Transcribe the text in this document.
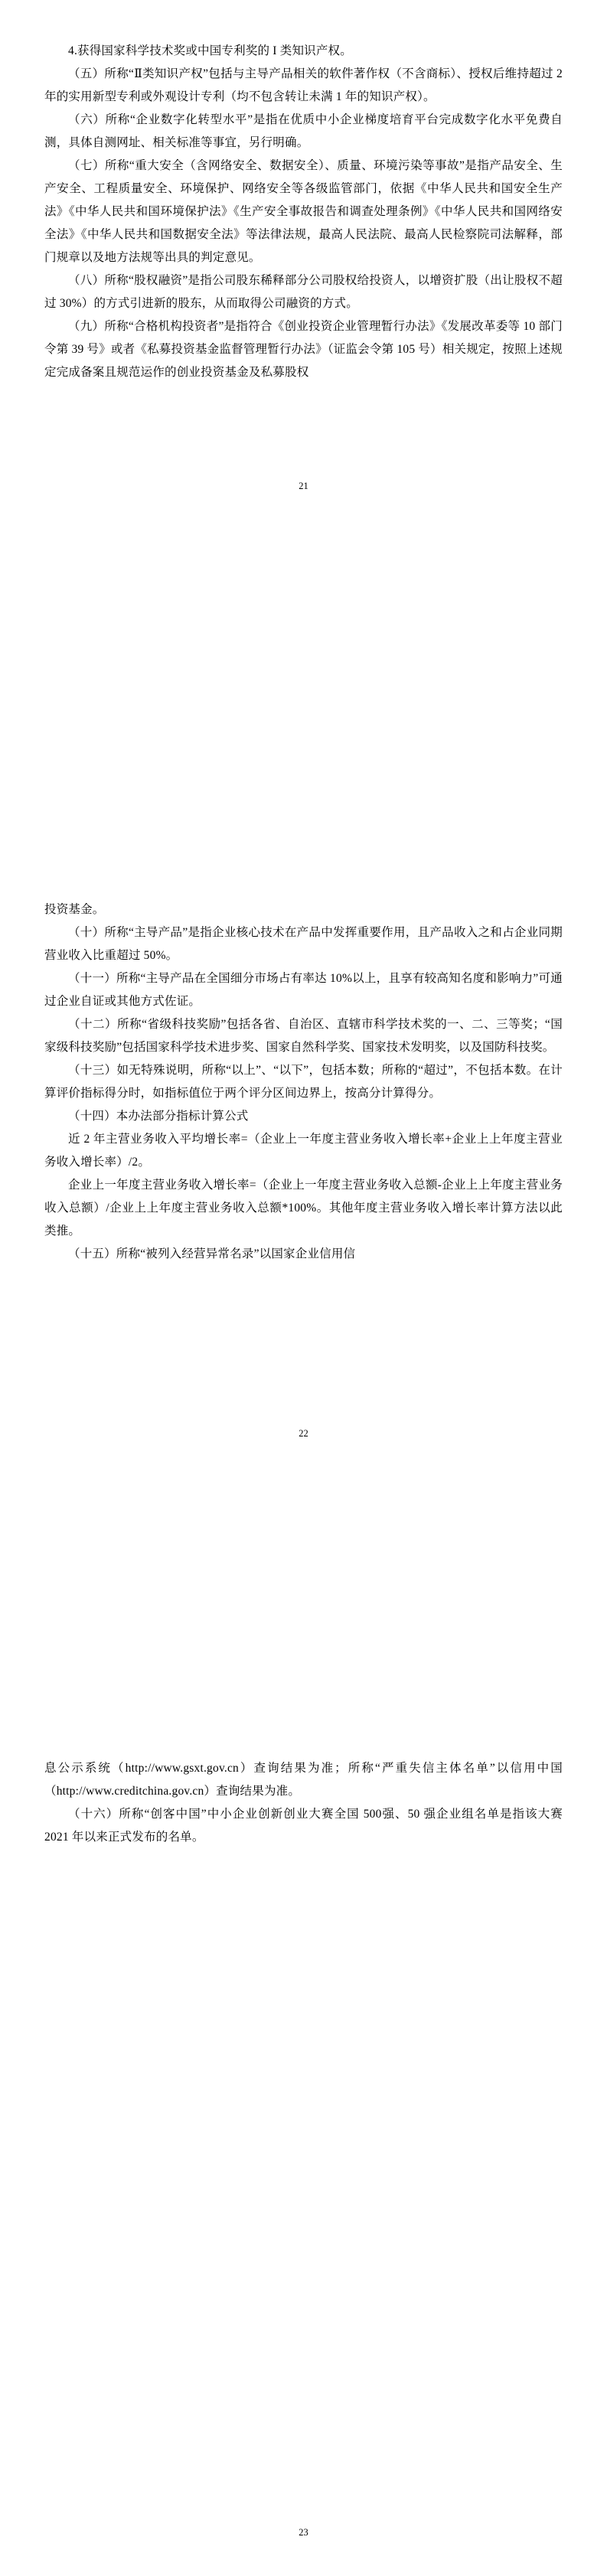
4.获得国家科学技术奖或中国专利奖的 I 类知识产权。

（五）所称“Ⅱ类知识产权”包括与主导产品相关的软件著作权（不含商标）、授权后维持超过 2 年的实用新型专利或外观设计专利（均不包含转让未满 1 年的知识产权）。

（六）所称“企业数字化转型水平”是指在优质中小企业梯度培育平台完成数字化水平免费自测，具体自测网址、相关标准等事宜，另行明确。

（七）所称“重大安全（含网络安全、数据安全）、质量、环境污染等事故”是指产品安全、生产安全、工程质量安全、环境保护、网络安全等各级监管部门，依据《中华人民共和国安全生产法》《中华人民共和国环境保护法》《生产安全事故报告和调查处理条例》《中华人民共和国网络安全法》《中华人民共和国数据安全法》等法律法规，最高人民法院、最高人民检察院司法解释，部门规章以及地方法规等出具的判定意见。

（八）所称“股权融资”是指公司股东稀释部分公司股权给投资人，以增资扩股（出让股权不超过 30%）的方式引进新的股东，从而取得公司融资的方式。

（九）所称“合格机构投资者”是指符合《创业投资企业管理暂行办法》《发展改革委等 10 部门令第 39 号》或者《私募投资基金监督管理暂行办法》（证监会令第 105 号）相关规定，按照上述规定完成备案且规范运作的创业投资基金及私募股权

21

投资基金。

（十）所称“主导产品”是指企业核心技术在产品中发挥重要作用，且产品收入之和占企业同期营业收入比重超过 50%。

（十一）所称“主导产品在全国细分市场占有率达 10%以上，且享有较高知名度和影响力”可通过企业自证或其他方式佐证。

（十二）所称“省级科技奖励”包括各省、自治区、直辖市科学技术奖的一、二、三等奖；“国家级科技奖励”包括国家科学技术进步奖、国家自然科学奖、国家技术发明奖，以及国防科技奖。

（十三）如无特殊说明，所称“以上”、“以下”，包括本数；所称的“超过”，不包括本数。在计算评价指标得分时，如指标值位于两个评分区间边界上，按高分计算得分。

（十四）本办法部分指标计算公式

近 2 年主营业务收入平均增长率=（企业上一年度主营业务收入增长率+企业上上年度主营业务收入增长率）/2。

企业上一年度主营业务收入增长率=（企业上一年度主营业务收入总额-企业上上年度主营业务收入总额）/企业上上年度主营业务收入总额*100%。其他年度主营业务收入增长率计算方法以此类推。

（十五）所称“被列入经营异常名录”以国家企业信用信

22

息公示系统（http://www.gsxt.gov.cn）查询结果为准；所称“严重失信主体名单”以信用中国（http://www.creditchina.gov.cn）查询结果为准。

（十六）所称“创客中国”中小企业创新创业大赛全国 500强、50 强企业组名单是指该大赛 2021 年以来正式发布的名单。

23
